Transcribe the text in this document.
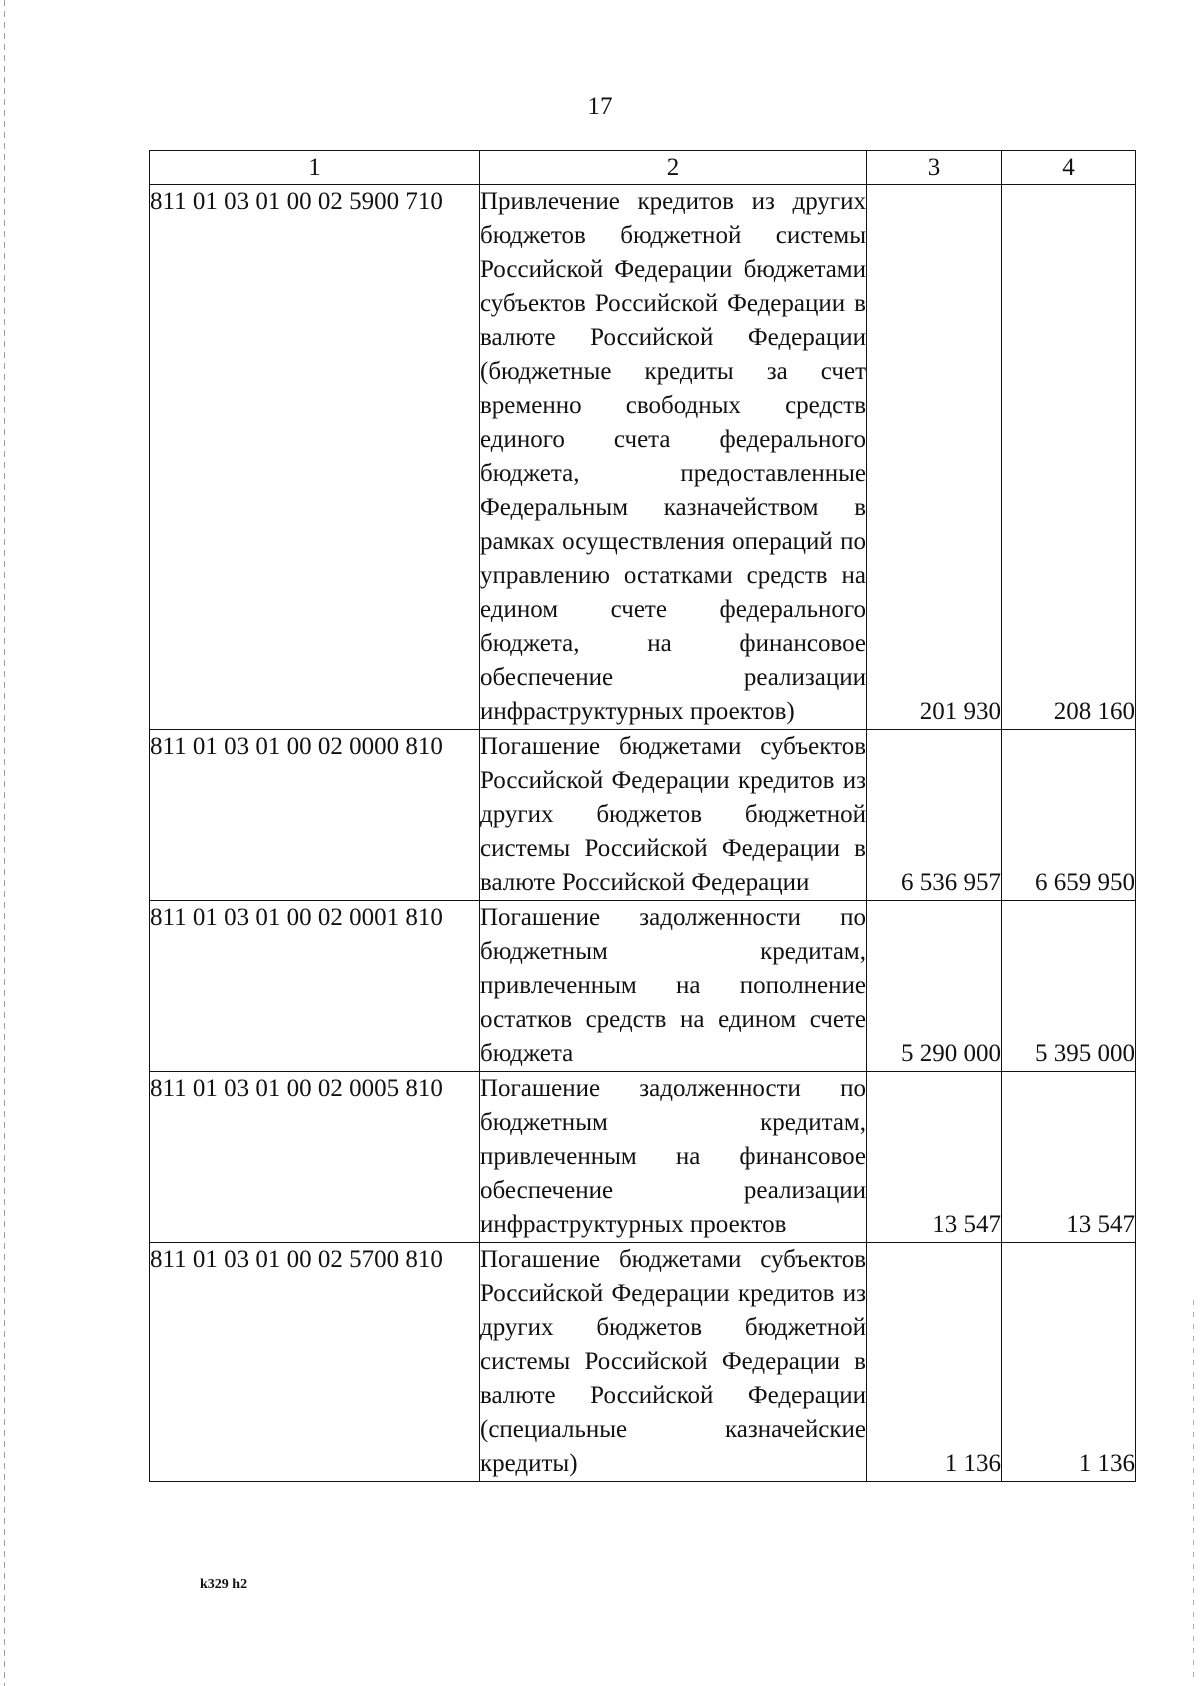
17
1	2	3	4
811 01 03 01 00 02 5900 710	Привлечение кредитов из других бюджетов бюджетной системы Российской Федерации бюджетами субъектов Российской Федерации в валюте Российской Федерации (бюджетные кредиты за счет временно свободных средств единого счета федерального бюджета, предоставленные Федеральным казначейством в рамках осуществления операций по управлению остатками средств на едином счете федерального бюджета, на финансовое обеспечение реализации инфраструктурных проектов)	201 930	208 160
811 01 03 01 00 02 0000 810	Погашение бюджетами субъектов Российской Федерации кредитов из других бюджетов бюджетной системы Российской Федерации в валюте Российской Федерации	6 536 957	6 659 950
811 01 03 01 00 02 0001 810	Погашение задолженности по бюджетным кредитам, привлеченным на пополнение остатков средств на едином счете бюджета	5 290 000	5 395 000
811 01 03 01 00 02 0005 810	Погашение задолженности по бюджетным кредитам, привлеченным на финансовое обеспечение реализации инфраструктурных проектов	13 547	13 547
811 01 03 01 00 02 5700 810	Погашение бюджетами субъектов Российской Федерации кредитов из других бюджетов бюджетной системы Российской Федерации в валюте Российской Федерации (специальные казначейские кредиты)	1 136	1 136
k329 h2
